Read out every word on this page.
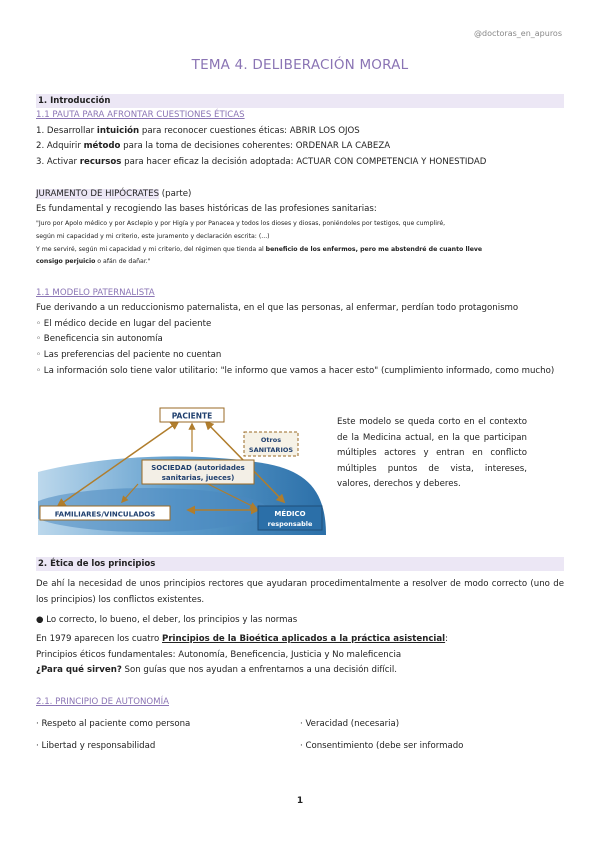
@doctoras_en_apuros
TEMA 4. DELIBERACIÓN MORAL
1. Introducción
1.1 PAUTA PARA AFRONTAR CUESTIONES ÉTICAS
1. Desarrollar intuición para reconocer cuestiones éticas: ABRIR LOS OJOS
2. Adquirir método para la toma de decisiones coherentes: ORDENAR LA CABEZA
3. Activar recursos para hacer eficaz la decisión adoptada: ACTUAR CON COMPETENCIA Y HONESTIDAD
JURAMENTO DE HIPÓCRATES (parte)
Es fundamental y recogiendo las bases históricas de las profesiones sanitarias:
"Juro por Apolo médico y por Asclepio y por Higía y por Panacea y todos los dioses y diosas, poniéndoles por testigos, que cumpliré,
según mi capacidad y mi criterio, este juramento y declaración escrita: (...)
Y me serviré, según mi capacidad y mi criterio, del régimen que tienda al beneficio de los enfermos, pero me abstendré de cuanto lleve
consigo perjuicio o afán de dañar."
1.1 MODELO PATERNALISTA
Fue derivando a un reduccionismo paternalista, en el que las personas, al enfermar, perdían todo protagonismo
◦ El médico decide en lugar del paciente
◦ Beneficencia sin autonomía
◦ Las preferencias del paciente no cuentan
◦ La información solo tiene valor utilitario: "le informo que vamos a hacer esto" (cumplimiento informado, como mucho)
PACIENTE
Otros
SANITARIOS
SOCIEDAD (autoridades
sanitarias, jueces)
FAMILIARES/VINCULADOS	MÉDICO
responsable
Este modelo se queda corto en el contexto de la Medicina actual, en la que participan múltiples actores y entran en conflicto múltiples puntos de vista, intereses, valores, derechos y deberes.
2. Ética de los principios
De ahí la necesidad de unos principios rectores que ayudaran procedimentalmente a resolver de modo correcto (uno de los principios) los conflictos existentes.
● Lo correcto, lo bueno, el deber, los principios y las normas
En 1979 aparecen los cuatro Principios de la Bioética aplicados a la práctica asistencial:
Principios éticos fundamentales: Autonomía, Beneficencia, Justicia y No maleficencia
¿Para qué sirven? Son guías que nos ayudan a enfrentarnos a una decisión difícil.
2.1. PRINCIPIO DE AUTONOMÍA
· Respeto al paciente como persona
· Libertad y responsabilidad
· Veracidad (necesaria)
· Consentimiento (debe ser informado
1
